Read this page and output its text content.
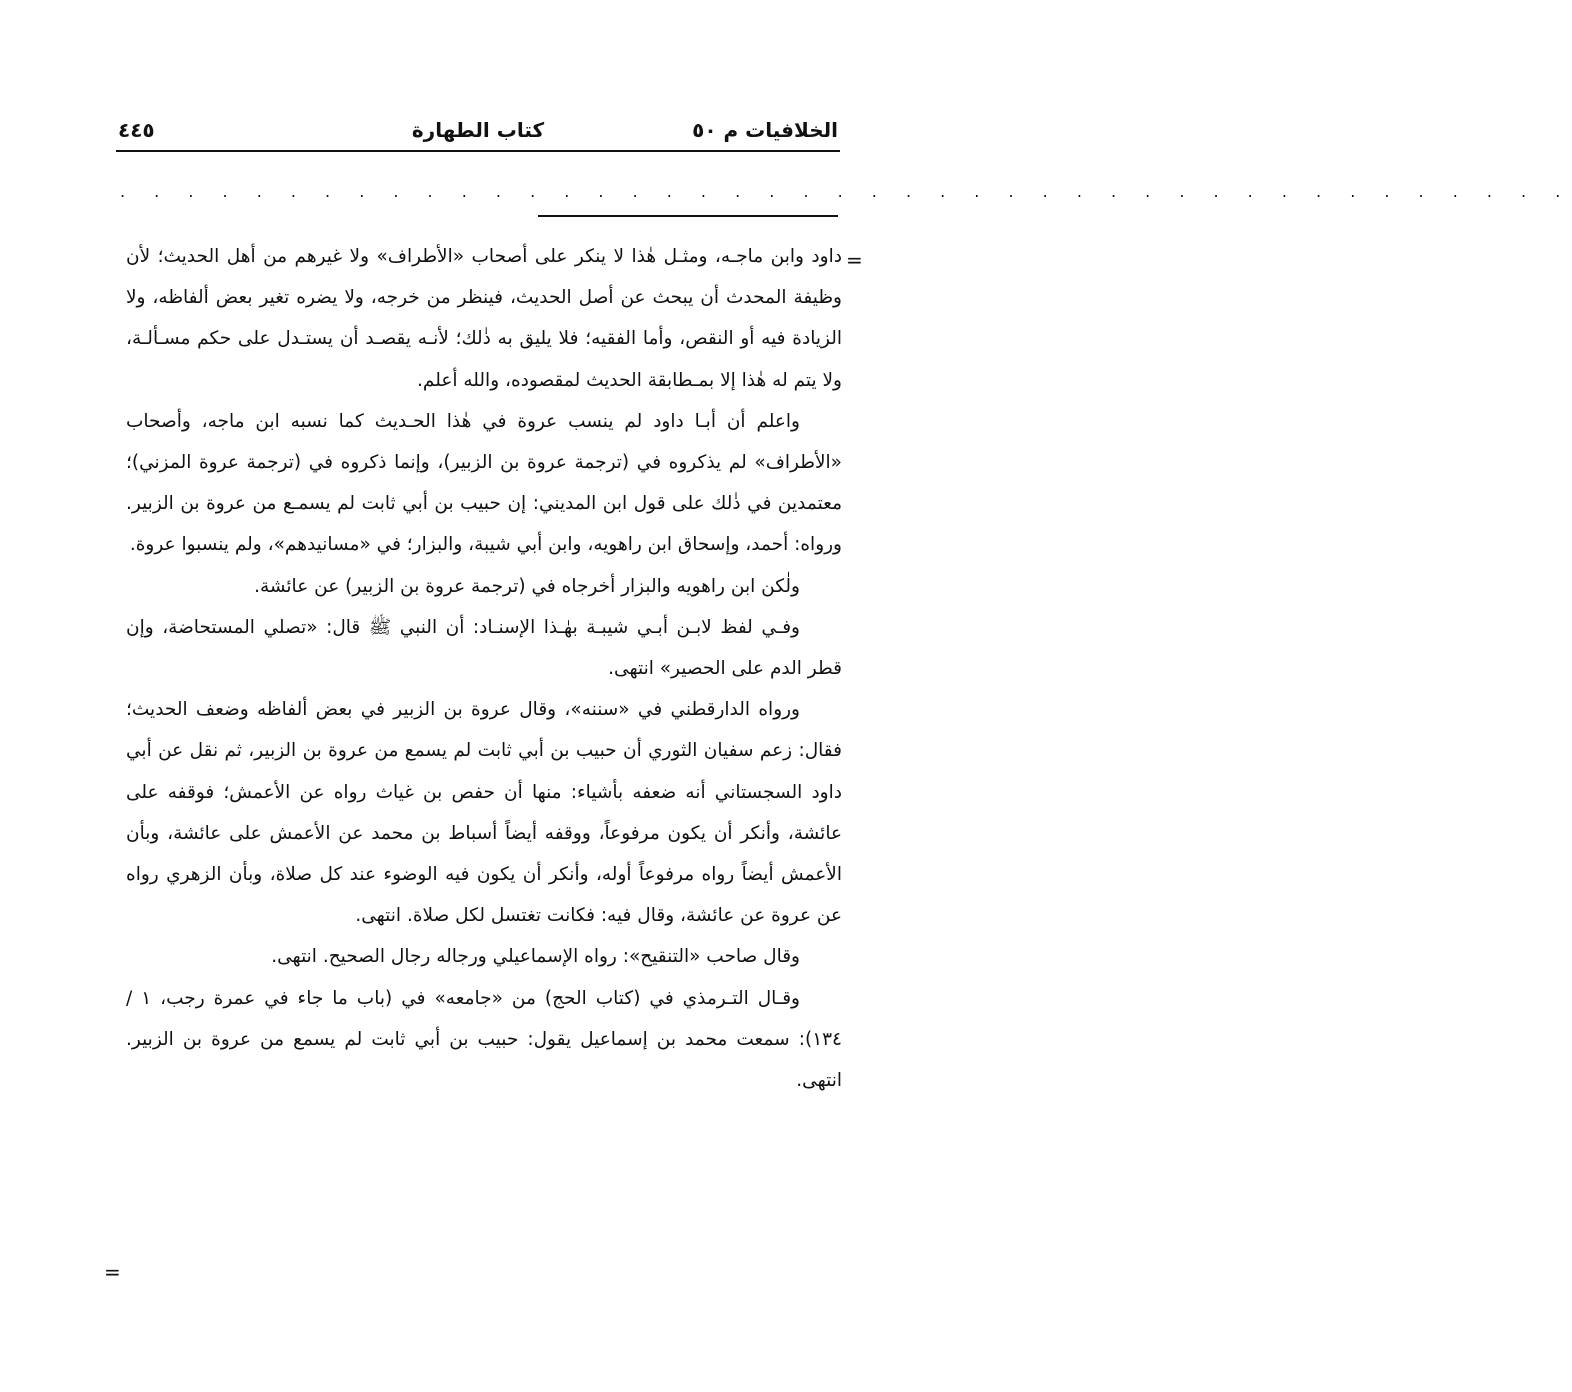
الخلافيات م ٥٠
كتاب الطهارة
٤٤٥
. . . . . . . . . . . . . . . . . . . . . . . . . . . . . . . . . . . . . . . . . . .
=

داود وابن ماجـه، ومثـل هٰذا لا ينكر على أصحاب «الأطراف» ولا غيرهم من أهل الحديث؛ لأن وظيفة المحدث أن يبحث عن أصل الحديث، فينظر من خرجه، ولا يضره تغير بعض ألفاظه، ولا الزيادة فيه أو النقص، وأما الفقيه؛ فلا يليق به ذٰلك؛ لأنـه يقصـد أن يستـدل على حكم مسـألـة، ولا يتم له هٰذا إلا بمـطابقة الحديث لمقصوده، والله أعلم.

واعلم أن أبـا داود لم ينسب عروة في هٰذا الحـديث كما نسبه ابن ماجه، وأصحاب «الأطراف» لم يذكروه في (ترجمة عروة بن الزبير)، وإنما ذكروه في (ترجمة عروة المزني)؛ معتمدين في ذٰلك على قول ابن المديني: إن حبيب بن أبي ثابت لم يسمـع من عروة بن الزبير. ورواه: أحمد، وإسحاق ابن راهويه، وابن أبي شيبة، والبزار؛ في «مسانيدهم»، ولم ينسبوا عروة.

ولٰكن ابن راهويه والبزار أخرجاه في (ترجمة عروة بن الزبير) عن عائشة.

وفـي لفظ لابـن أبـي شيبـة بهٰـذا الإسنـاد: أن النبي ﷺ قال: «تصلي المستحاضة، وإن قطر الدم على الحصير» انتهى.

ورواه الدارقطني في «سننه»، وقال عروة بن الزبير في بعض ألفاظه وضعف الحديث؛ فقال: زعم سفيان الثوري أن حبيب بن أبي ثابت لم يسمع من عروة بن الزبير، ثم نقل عن أبي داود السجستاني أنه ضعفه بأشياء: منها أن حفص بن غياث رواه عن الأعمش؛ فوقفه على عائشة، وأنكر أن يكون مرفوعاً، ووقفه أيضاً أسباط بن محمد عن الأعمش على عائشة، وبأن الأعمش أيضاً رواه مرفوعاً أوله، وأنكر أن يكون فيه الوضوء عند كل صلاة، وبأن الزهري رواه عن عروة عن عائشة، وقال فيه: فكانت تغتسل لكل صلاة. انتهى.

وقال صاحب «التنقيح»: رواه الإسماعيلي ورجاله رجال الصحيح. انتهى.

وقـال التـرمذي في (كتاب الحج) من «جامعه» في (باب ما جاء في عمرة رجب، ١ / ١٣٤): سمعت محمد بن إسماعيل يقول: حبيب بن أبي ثابت لم يسمع من عروة بن الزبير. انتهى.

=
